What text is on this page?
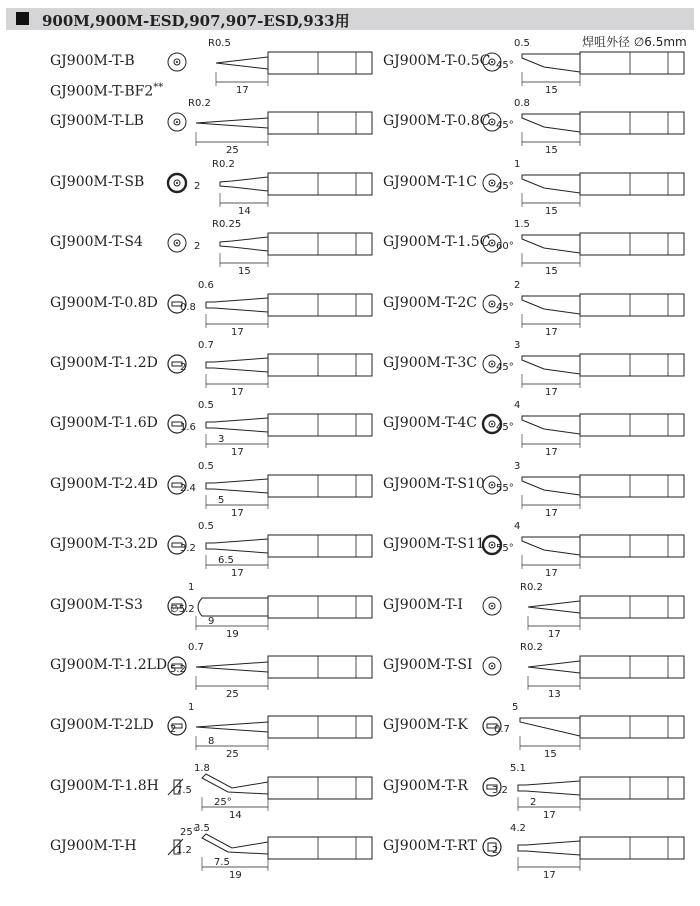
900M,900M-ESD,907,907-ESD,933用
焊咀外径 ∅6.5mm
GJ900M-T-B
R0.5
17
GJ900M-T-LB
R0.2
25
GJ900M-T-SB
R0.2
2
14
GJ900M-T-S4
R0.25
2
15
GJ900M-T-0.8D
0.6
0.8
17
GJ900M-T-1.2D
0.7
2
17
GJ900M-T-1.6D
0.5
1.6
3
17
GJ900M-T-2.4D
0.5
2.4
5
17
GJ900M-T-3.2D
0.5
3.2
6.5
17
GJ900M-T-S3
1
∅5.2
9
19
GJ900M-T-1.2LD
0.7
5.2
25
GJ900M-T-2LD
1
2
8
25
GJ900M-T-1.8H
1.8
7.5
25°
14
GJ900M-T-H
3.5
1.2
7.5
25°
19
GJ900M-T-0.5C
0.5
45°
15
GJ900M-T-0.8C
0.8
45°
15
GJ900M-T-1C
1
45°
15
GJ900M-T-1.5C
1.5
60°
15
GJ900M-T-2C
2
45°
17
GJ900M-T-3C
3
45°
17
GJ900M-T-4C
4
45°
17
GJ900M-T-S10
3
55°
17
GJ900M-T-S11
4
55°
17
GJ900M-T-I
R0.2
17
GJ900M-T-SI
R0.2
13
GJ900M-T-K
5
0.7
15
GJ900M-T-R
5.1
3.2
2
17
GJ900M-T-RT
4.2
2
17
GJ900M-T-BF2**
